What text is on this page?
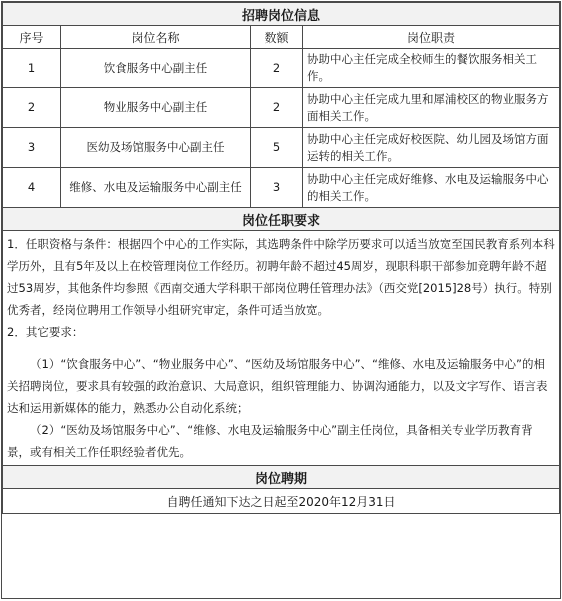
招聘岗位信息			
序号	岗位名称	数额	岗位职责
1	饮食服务中心副主任	2	协助中心主任完成全校师生的餐饮服务相关工作。
2	物业服务中心副主任	2	协助中心主任完成九里和犀浦校区的物业服务方面相关工作。
3	医幼及场馆服务中心副主任	5	协助中心主任完成好校医院、幼儿园及场馆方面运转的相关工作。
4	维修、水电及运输服务中心副主任	3	协助中心主任完成好维修、水电及运输服务中心的相关工作。
岗位任职要求			

1．任职资格与条件：根据四个中心的工作实际，其选聘条件中除学历要求可以适当放宽至国民教育系列本科学历外，且有5年及以上在校管理岗位工作经历。初聘年龄不超过45周岁，现职科职干部参加竞聘年龄不超过53周岁，其他条件均参照《西南交通大学科职干部岗位聘任管理办法》（西交党[2015]28号）执行。特别优秀者，经岗位聘用工作领导小组研究审定，条件可适当放宽。

2．其它要求：

（1）“饮食服务中心”、“物业服务中心”、“医幼及场馆服务中心”、“维修、水电及运输服务中心”的相关招聘岗位，要求具有较强的政治意识、大局意识，组织管理能力、协调沟通能力，以及文字写作、语言表达和运用新媒体的能力，熟悉办公自动化系统；

（2）“医幼及场馆服务中心”、“维修、水电及运输服务中心”副主任岗位，具备相关专业学历教育背景，或有相关工作任职经验者优先。			

岗位聘期			
自聘任通知下达之日起至2020年12月31日			
